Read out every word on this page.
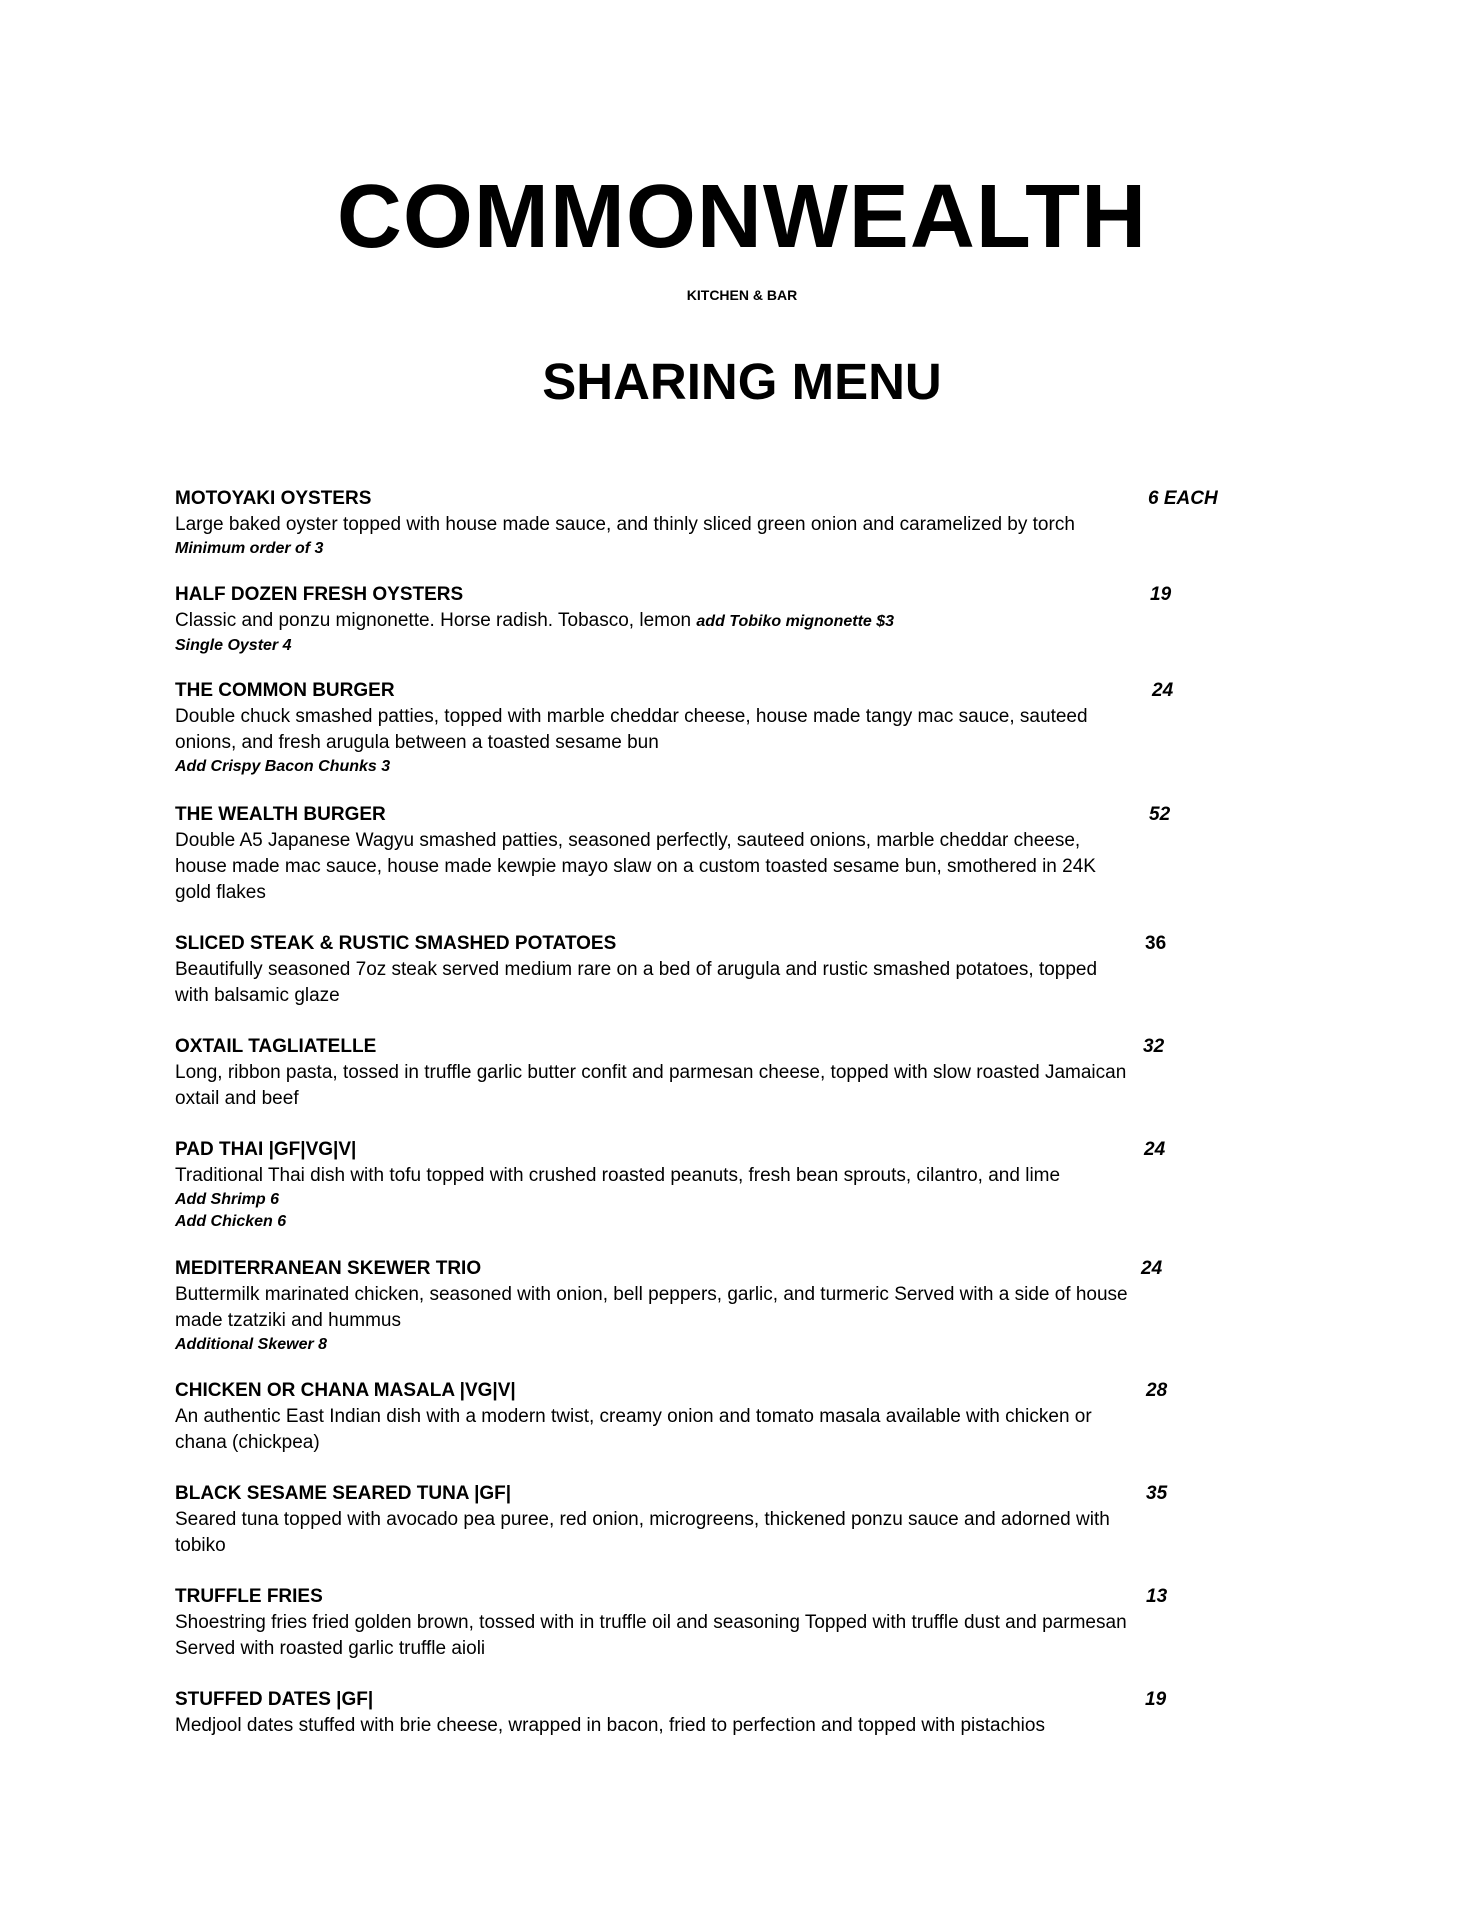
COMMONWEALTH
KITCHEN & BAR
SHARING MENU
MOTOYAKI OYSTERS	6 EACH
Large baked oyster topped with house made sauce, and thinly sliced green onion and caramelized by torch
Minimum order of 3
HALF DOZEN FRESH OYSTERS	19
Classic and ponzu mignonette. Horse radish. Tobasco, lemon add Tobiko mignonette $3
Single Oyster 4
THE COMMON BURGER	24
Double chuck smashed patties, topped with marble cheddar cheese, house made tangy mac sauce, sauteed onions, and fresh arugula between a toasted sesame bun
Add Crispy Bacon Chunks 3
THE WEALTH BURGER	52
Double A5 Japanese Wagyu smashed patties, seasoned perfectly, sauteed onions, marble cheddar cheese, house made mac sauce, house made kewpie mayo slaw on a custom toasted sesame bun, smothered in 24K gold flakes
SLICED STEAK & RUSTIC SMASHED POTATOES	36
Beautifully seasoned 7oz steak served medium rare on a bed of arugula and rustic smashed potatoes, topped with balsamic glaze
OXTAIL TAGLIATELLE	32
Long, ribbon pasta, tossed in truffle garlic butter confit and parmesan cheese, topped with slow roasted Jamaican oxtail and beef
PAD THAI |GF|VG|V|	24
Traditional Thai dish with tofu topped with crushed roasted peanuts, fresh bean sprouts, cilantro, and lime
Add Shrimp 6
Add Chicken 6
MEDITERRANEAN SKEWER TRIO	24
Buttermilk marinated chicken, seasoned with onion, bell peppers, garlic, and turmeric Served with a side of house made tzatziki and hummus
Additional Skewer 8
CHICKEN OR CHANA MASALA |VG|V|	28
An authentic East Indian dish with a modern twist, creamy onion and tomato masala available with chicken or chana (chickpea)
BLACK SESAME SEARED TUNA |GF|	35
Seared tuna topped with avocado pea puree, red onion, microgreens, thickened ponzu sauce and adorned with tobiko
TRUFFLE FRIES	13
Shoestring fries fried golden brown, tossed with in truffle oil and seasoning Topped with truffle dust and parmesan Served with roasted garlic truffle aioli
STUFFED DATES |GF|	19
Medjool dates stuffed with brie cheese, wrapped in bacon, fried to perfection and topped with pistachios
